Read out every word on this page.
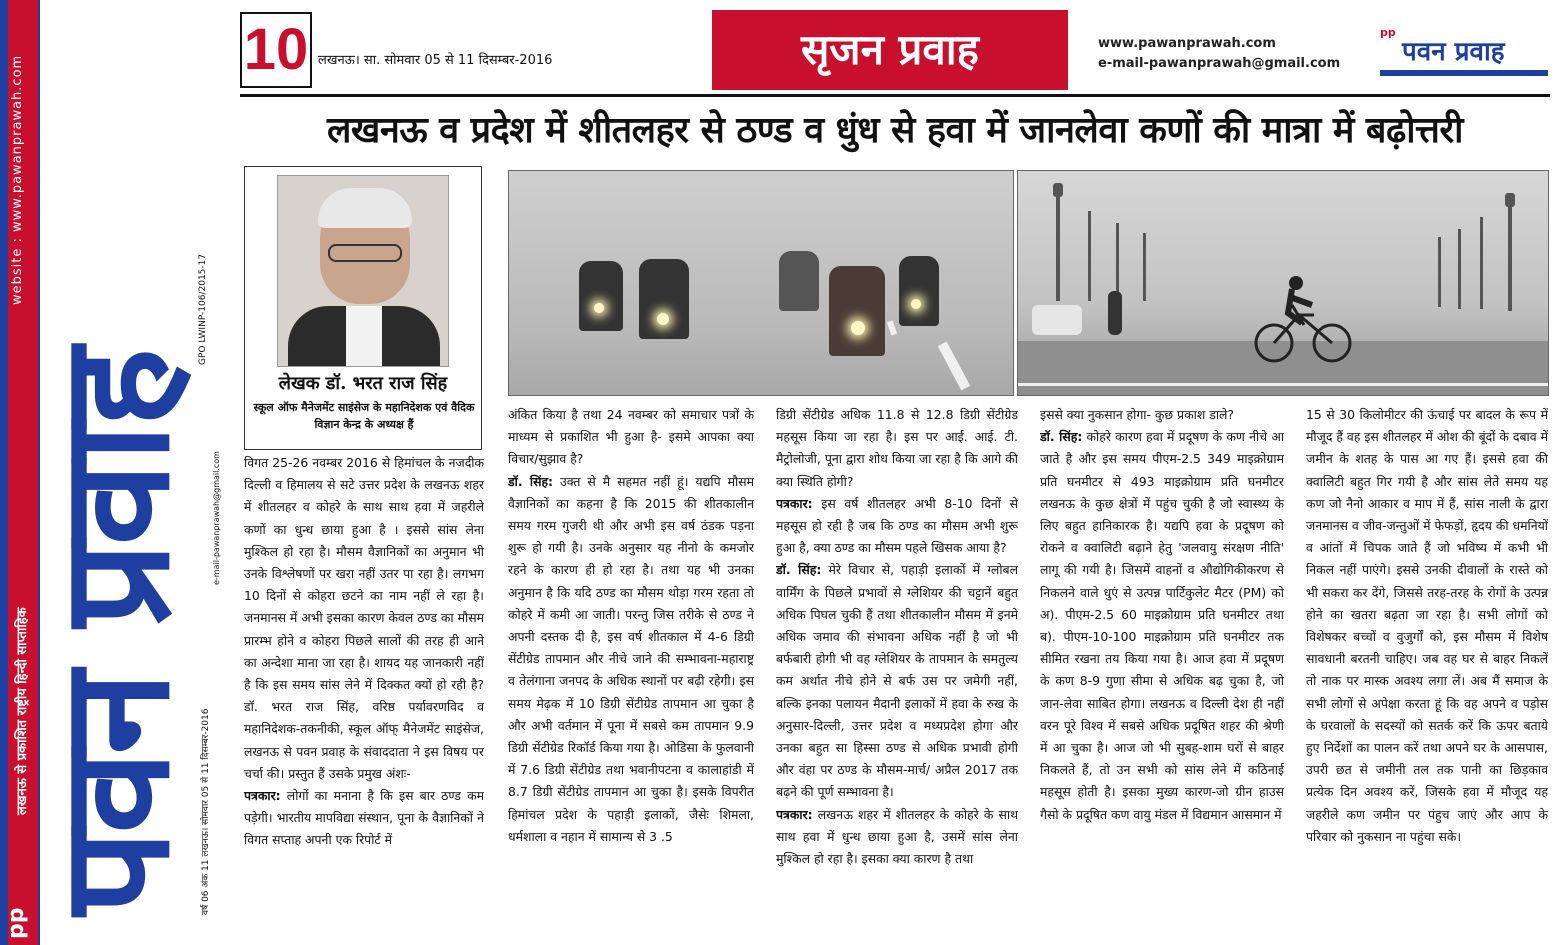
pp
लखनऊ से प्रकाशित राष्ट्रीय हिन्दी साप्ताहिक
website : www.pawanprawah.com
पवन प्रवाह
वर्ष 06 अंक 11 लखनऊ। सोमवार 05 से 11 दिसम्बर-2016
GPO LWINP-106/2015-17
e-mail-pawanprawah@gmail.com
10 लखनऊ। सा. सोमवार 05 से 11 दिसम्बर-2016	सृजन प्रवाह	www.pawanprawah.com
e-mail-pawanprawah@gmail.com
pp
पवन प्रवाह
लखनऊ व प्रदेश में शीतलहर से ठण्ड व धुंध से हवा में जानलेवा कणों की मात्रा में बढ़ोत्तरी
लेखक डॉ. भरत राज सिंह
स्कूल ऑफ मैनेजमेंट साइंसेज के महानिदेशक एवं वैदिक विज्ञान केन्द्र के अध्यक्ष हैं

विगत 25-26 नवम्बर 2016 से हिमांचल के नजदीक दिल्ली व हिमालय से सटे उत्तर प्रदेश के लखनऊ शहर में शीतलहर व कोहरे के साथ साथ हवा में जहरीले कणों का धुन्ध छाया हुआ है । इससे सांस लेना मुश्किल हो रहा है। मौसम वैज्ञानिकों का अनुमान भी उनके विश्लेषणों पर खरा नहीं उतर पा रहा है। लगभग 10 दिनों से कोहरा छटने का नाम नहीं ले रहा है। जनमानस में अभी इसका कारण केवल ठण्ड का मौसम प्रारम्भ होने व कोहरा पिछले सालों की तरह ही आने का अन्देशा माना जा रहा है। शायद यह जानकारी नहीं है कि इस समय सांस लेने में दिक्कत क्यों हो रही है? डॉ. भरत राज सिंह, वरिष्ठ पर्यावरणविद व महानिदेशक-तकनीकी, स्कूल ऑफ् मैनेजमेंट साइंसेज, लखनऊ से पवन प्रवाह के संवाददाता ने इस विषय पर चर्चा की। प्रस्तुत हैं उसके प्रमुख अंशः-

पत्रकार: लोगों का मनाना है कि इस बार ठण्ड कम पड़ेगी। भारतीय मापविद्या संस्थान, पूना के वैज्ञानिकों ने विगत सप्ताह अपनी एक रिपोर्ट में

अंकित किया है तथा 24 नवम्बर को समाचार पत्रों के माध्यम से प्रकाशित भी हुआ है- इसमे आपका क्या विचार/सुझाव है?

डॉ. सिंह: उक्त से मै सहमत नहीं हूं। यद्यपि मौसम वैज्ञानिकों का कहना है कि 2015 की शीतकालीन समय गरम गुजरी थी और अभी इस वर्ष ठंडक पड़ना शुरू हो गयी है। उनके अनुसार यह नीनो के कमजोर रहने के कारण ही हो रहा है। तथा यह भी उनका अनुमान है कि यदि ठण्ड का मौसम थोड़ा गरम रहता तो कोहरे में कमी आ जाती। परन्तु जिस तरीके से ठण्ड ने अपनी दस्तक दी है, इस वर्ष शीतकाल में 4-6 डिग्री सेंटीग्रेड तापमान और नीचे जाने की सम्भावना-महाराष्ट्र व तेलंगाना जनपद के अधिक स्थानों पर बढ़ी रहेगी। इस समय मेढ़क में 10 डिग्री सेंटीग्रेड तापमान आ चुका है और अभी वर्तमान में पूना में सबसे कम तापमान 9.9 डिग्री सेंटीग्रेड रिकॉर्ड किया गया है। ओडिसा के फुलवानी में 7.6 डिग्री सेंटीग्रेड तथा भवानीपटना व कालाहांडी में 8.7 डिग्री सेंटीग्रेड तापमान आ चुका है। इसके विपरीत हिमांचल प्रदेश के पहाड़ी इलाकों, जैसेः शिमला, धर्मशाला व नहान में सामान्य से 3 .5

डिग्री सेंटीग्रेड अधिक 11.8 से 12.8 डिग्री सेंटीग्रेड महसूस किया जा रहा है। इस पर आई. आई. टी. मैट्रोलोजी, पूना द्वारा शोध किया जा रहा है कि आगे की क्या स्थिति होगी?

पत्रकार: इस वर्ष शीतलहर अभी 8-10 दिनों से महसूस हो रही है जब कि ठण्ड का मौसम अभी शुरू हुआ है, क्या ठण्ड का मौसम पहले खिसक आया है?

डॉ. सिंह: मेरे विचार से, पहाड़ी इलाकों में ग्लोबल वार्मिंग के पिछले प्रभावों से ग्लेशियर की चट्टानें बहुत अधिक पिघल चुकी हैं तथा शीतकालीन मौसम में इनमे अधिक जमाव की संभावना अधिक नहीं है जो भी बर्फबारी होगी भी वह ग्लेशियर के तापमान के समतुल्य कम अर्थात नीचे होने से बर्फ उस पर जमेगी नहीं, बल्कि इनका पलायन मैदानी इलाकों में हवा के रुख के अनुसार-दिल्ली, उत्तर प्रदेश व मध्यप्रदेश होगा और उनका बहुत सा हिस्सा ठण्ड से अधिक प्रभावी होगी और वंहा पर ठण्ड के मौसम-मार्च/ अप्रैल 2017 तक बढ़ने की पूर्ण सम्भावना है।

पत्रकार: लखनऊ शहर में शीतलहर के कोहरे के साथ साथ हवा में धुन्ध छाया हुआ है, उसमें सांस लेना मुश्किल हो रहा है। इसका क्या कारण है तथा

इससे क्या नुकसान होगा- कुछ प्रकाश डाले?

डॉ. सिंह: कोहरे कारण हवा में प्रदूषण के कण नीचे आ जाते है और इस समय पीएम-2.5 349 माइक्रोग्राम प्रति घनमीटर से 493 माइक्रोग्राम प्रति घनमीटर लखनऊ के कुछ क्षेत्रों में पहुंच चुकी है जो स्वास्थ्य के लिए बहुत हानिकारक है। यद्यपि हवा के प्रदूषण को रोकने व क्वालिटी बढ़ाने हेतु 'जलवायु संरक्षण नीति' लागू की गयी है। जिसमें वाहनों व औद्योगिकीकरण से निकलने वाले धुएं से उत्पन्न पार्टिकुलेट मैटर (PM) को अ). पीएम-2.5 60 माइक्रोग्राम प्रति घनमीटर तथा ब). पीएम-10-100 माइक्रोग्राम प्रति घनमीटर तक सीमित रखना तय किया गया है। आज हवा में प्रदूषण के कण 8-9 गुणा सीमा से अधिक बढ़ चुका है, जो जान-लेवा साबित होगा। लखनऊ व दिल्ली देश ही नहीं वरन पूरे विश्व में सबसे अधिक प्रदूषित शहर की श्रेणी में आ चुका है। आज जो भी सुबह-शाम घरों से बाहर निकलते हैं, तो उन सभी को सांस लेने में कठिनाई महसूस होती है। इसका मुख्य कारण-जो ग्रीन हाउस गैसो के प्रदूषित कण वायु मंडल में विद्यमान आसमान में

15 से 30 किलोमीटर की ऊंचाई पर बादल के रूप में मौजूद हैं वह इस शीतलहर में ओश की बूंदों के दबाव में जमीन के शतह के पास आ गए हैं। इससे हवा की क्वालिटी बहुत गिर गयी है और सांस लेते समय यह कण जो नैनो आकार व माप में हैं, सांस नाली के द्वारा जनमानस व जीव-जन्तुओं में फेफड़ों, हृदय की धमनियों व आंतों में चिपक जाते हैं जो भविष्य में कभी भी निकल नहीं पाएंगे। इससे उनकी दीवालों के रास्ते को भी सकरा कर देंगे, जिससे तरह-तरह के रोगों के उत्पन्न होने का खतरा बढ़ता जा रहा है। सभी लोगों को विशेषकर बच्चों व वुजुर्गों को, इस मौसम में विशेष सावधानी बरतनी चाहिए। जब वह घर से बाहर निकलें तो नाक पर मास्क अवश्य लगा लें। अब मैं समाज के सभी लोगों से अपेक्षा करता हूं कि वह अपने व पड़ोस के घरवालों के सदस्यों को सतर्क करें कि ऊपर बताये हुए निर्देशों का पालन करें तथा अपने घर के आसपास, उपरी छत से जमीनी तल तक पानी का छिड़काव प्रत्येक दिन अवश्य करें, जिसके हवा में मौजूद यह जहरीले कण जमीन पर पंहुच जाएं और आप के परिवार को नुकसान ना पहुंचा सके।
